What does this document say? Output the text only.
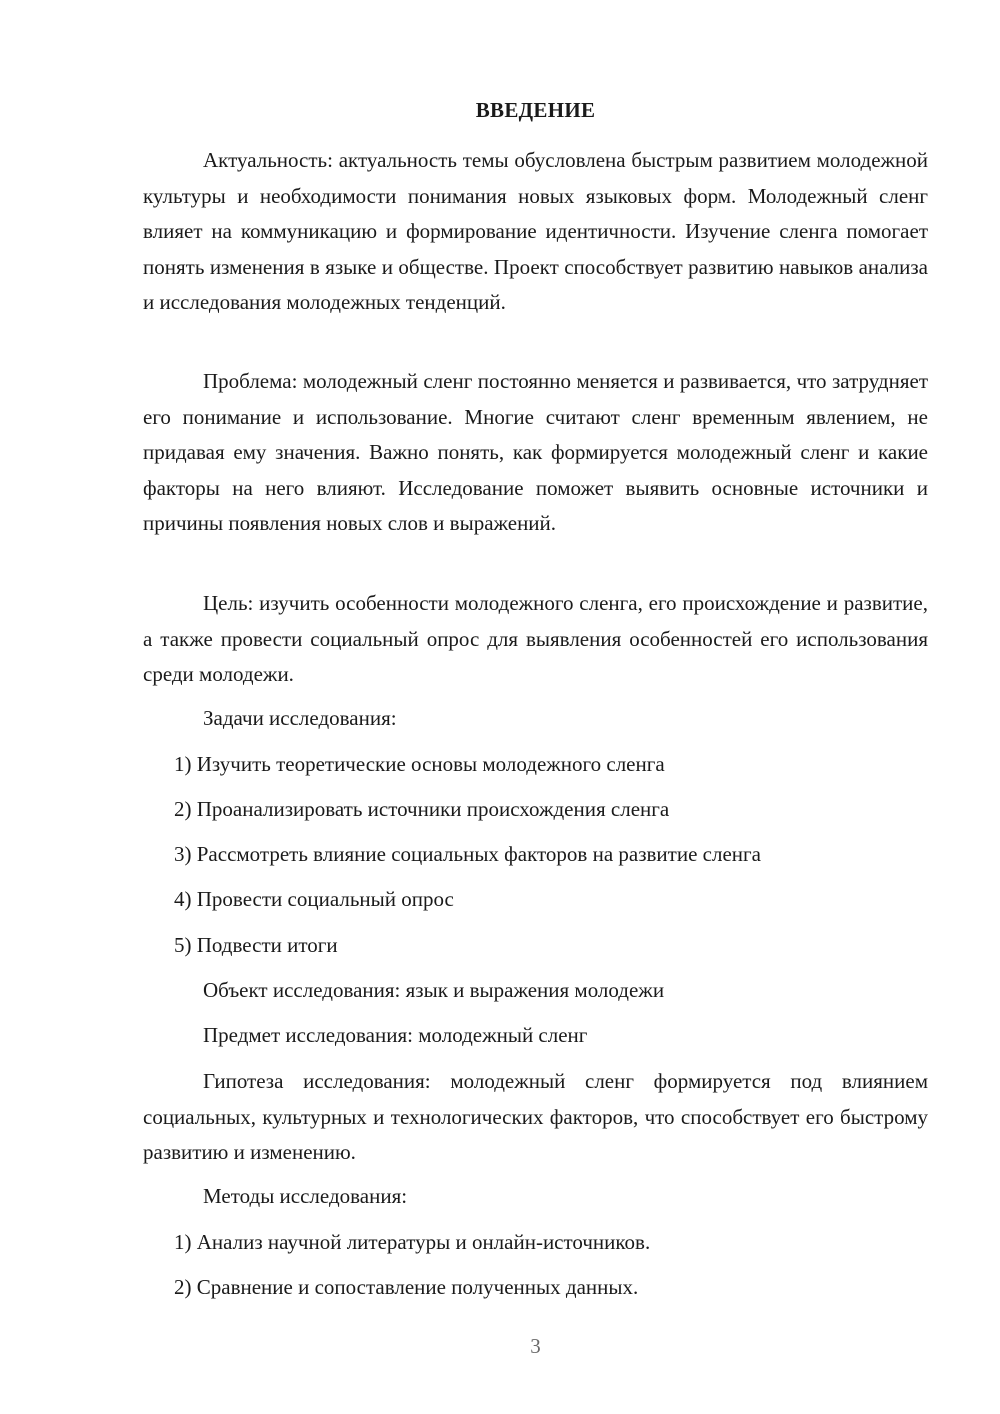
ВВЕДЕНИЕ

Актуальность: актуальность темы обусловлена быстрым развитием молодежной культуры и необходимости понимания новых языковых форм. Молодежный сленг влияет на коммуникацию и формирование идентичности. Изучение сленга помогает понять изменения в языке и обществе. Проект способствует развитию навыков анализа и исследования молодежных тенденций.

Проблема: молодежный сленг постоянно меняется и развивается, что затрудняет его понимание и использование. Многие считают сленг временным явлением, не придавая ему значения. Важно понять, как формируется молодежный сленг и какие факторы на него влияют. Исследование поможет выявить основные источники и причины появления новых слов и выражений.

Цель: изучить особенности молодежного сленга, его происхождение и развитие, а также провести социальный опрос для выявления особенностей его использования среди молодежи.

Задачи исследования:

1) Изучить теоретические основы молодежного сленга

2) Проанализировать источники происхождения сленга

3) Рассмотреть влияние социальных факторов на развитие сленга

4) Провести социальный опрос

5) Подвести итоги

Объект исследования: язык и выражения молодежи

Предмет исследования: молодежный сленг

Гипотеза исследования: молодежный сленг формируется под влиянием социальных, культурных и технологических факторов, что способствует его быстрому развитию и изменению.

Методы исследования:

1) Анализ научной литературы и онлайн-источников.

2) Сравнение и сопоставление полученных данных.

3
